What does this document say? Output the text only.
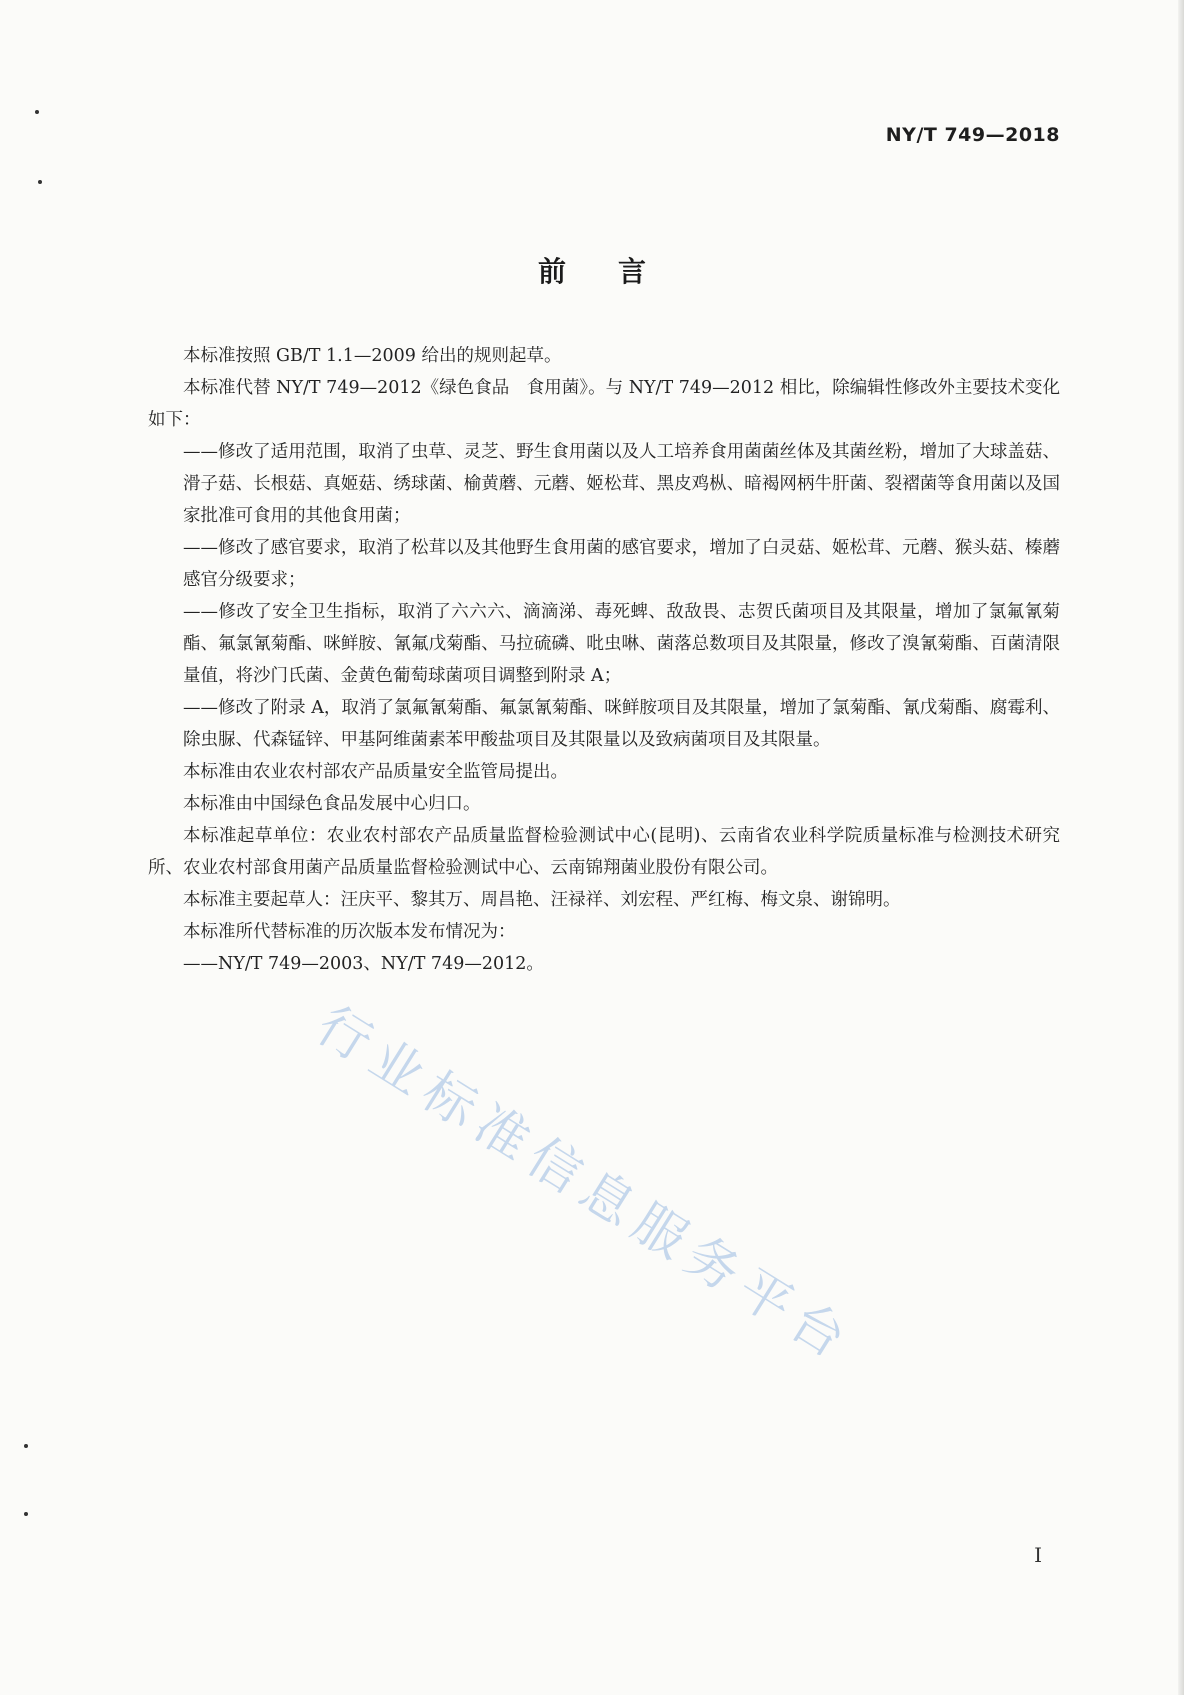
NY/T 749—2018
前言

本标准按照 GB/T 1.1—2009 给出的规则起草。

本标准代替 NY/T 749—2012《绿色食品　食用菌》。与 NY/T 749—2012 相比，除编辑性修改外主要技术变化如下：

——修改了适用范围，取消了虫草、灵芝、野生食用菌以及人工培养食用菌菌丝体及其菌丝粉，增加了大球盖菇、滑子菇、长根菇、真姬菇、绣球菌、榆黄蘑、元蘑、姬松茸、黑皮鸡枞、暗褐网柄牛肝菌、裂褶菌等食用菌以及国家批准可食用的其他食用菌；

——修改了感官要求，取消了松茸以及其他野生食用菌的感官要求，增加了白灵菇、姬松茸、元蘑、猴头菇、榛蘑感官分级要求；

——修改了安全卫生指标，取消了六六六、滴滴涕、毒死蜱、敌敌畏、志贺氏菌项目及其限量，增加了氯氟氰菊酯、氟氯氰菊酯、咪鲜胺、氰氟戊菊酯、马拉硫磷、吡虫啉、菌落总数项目及其限量，修改了溴氰菊酯、百菌清限量值，将沙门氏菌、金黄色葡萄球菌项目调整到附录 A；

——修改了附录 A，取消了氯氟氰菊酯、氟氯氰菊酯、咪鲜胺项目及其限量，增加了氯菊酯、氰戊菊酯、腐霉利、除虫脲、代森锰锌、甲基阿维菌素苯甲酸盐项目及其限量以及致病菌项目及其限量。

本标准由农业农村部农产品质量安全监管局提出。

本标准由中国绿色食品发展中心归口。

本标准起草单位：农业农村部农产品质量监督检验测试中心(昆明)、云南省农业科学院质量标准与检测技术研究所、农业农村部食用菌产品质量监督检验测试中心、云南锦翔菌业股份有限公司。

本标准主要起草人：汪庆平、黎其万、周昌艳、汪禄祥、刘宏程、严红梅、梅文泉、谢锦明。

本标准所代替标准的历次版本发布情况为：

——NY/T 749—2003、NY/T 749—2012。

行业标准信息服务平台
I
